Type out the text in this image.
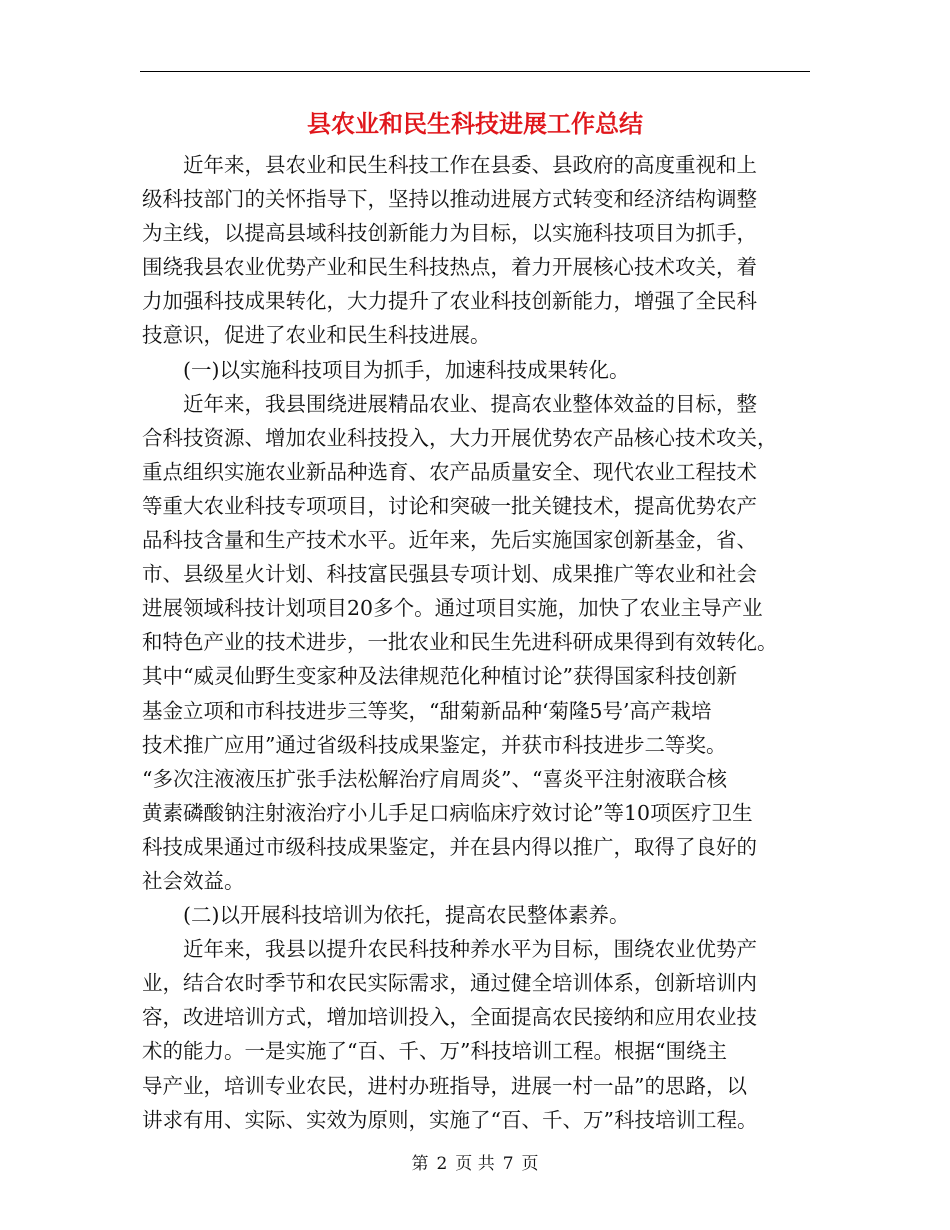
县农业和民生科技进展工作总结
近年来，县农业和民生科技工作在县委、县政府的高度重视和上
级科技部门的关怀指导下，坚持以推动进展方式转变和经济结构调整
为主线，以提高县域科技创新能力为目标，以实施科技项目为抓手，
围绕我县农业优势产业和民生科技热点，着力开展核心技术攻关，着
力加强科技成果转化，大力提升了农业科技创新能力，增强了全民科
技意识，促进了农业和民生科技进展。
(一)以实施科技项目为抓手，加速科技成果转化。
近年来，我县围绕进展精品农业、提高农业整体效益的目标，整
合科技资源、增加农业科技投入，大力开展优势农产品核心技术攻关，
重点组织实施农业新品种选育、农产品质量安全、现代农业工程技术
等重大农业科技专项项目，讨论和突破一批关键技术，提高优势农产
品科技含量和生产技术水平。近年来，先后实施国家创新基金，省、
市、县级星火计划、科技富民强县专项计划、成果推广等农业和社会
进展领域科技计划项目20多个。通过项目实施，加快了农业主导产业
和特色产业的技术进步，一批农业和民生先进科研成果得到有效转化。
其中“威灵仙野生变家种及法律规范化种植讨论”获得国家科技创新
基金立项和市科技进步三等奖，“甜菊新品种‘菊隆5号’高产栽培
技术推广应用”通过省级科技成果鉴定，并获市科技进步二等奖。
“多次注液液压扩张手法松解治疗肩周炎”、“喜炎平注射液联合核
黄素磷酸钠注射液治疗小儿手足口病临床疗效讨论”等10项医疗卫生
科技成果通过市级科技成果鉴定，并在县内得以推广，取得了良好的
社会效益。
(二)以开展科技培训为依托，提高农民整体素养。
近年来，我县以提升农民科技种养水平为目标，围绕农业优势产
业，结合农时季节和农民实际需求，通过健全培训体系，创新培训内
容，改进培训方式，增加培训投入，全面提高农民接纳和应用农业技
术的能力。一是实施了“百、千、万”科技培训工程。根据“围绕主
导产业，培训专业农民，进村办班指导，进展一村一品”的思路，以
讲求有用、实际、实效为原则，实施了“百、千、万”科技培训工程。
第 2 页 共 7 页
